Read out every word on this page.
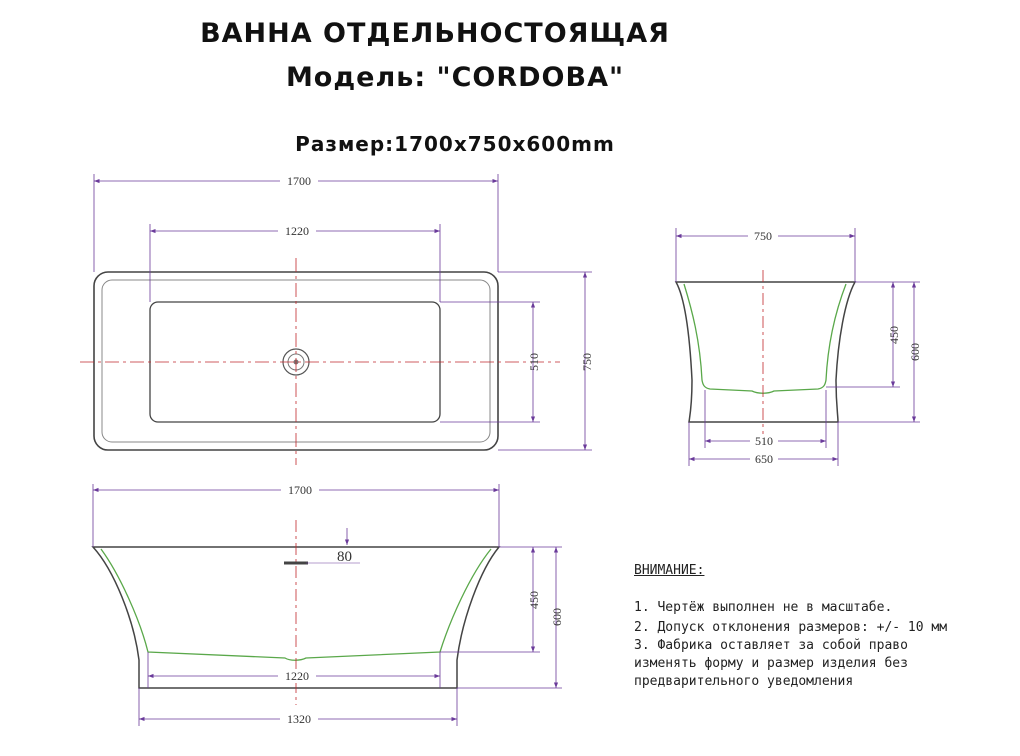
ВАННА ОТДЕЛЬНОСТОЯЩАЯ
Модель: "CORDOBA"
Размер:1700x750x600mm
1700
1220
510	750
750
450
600
510
650
1700
80
450
600
1220
1320
ВНИМАНИЕ:
1. Чертёж выполнен не в масштабе.
2. Допуск отклонения размеров: +/- 10 мм
3. Фабрика оставляет за собой право
изменять форму и размер изделия без
предварительного уведомления
